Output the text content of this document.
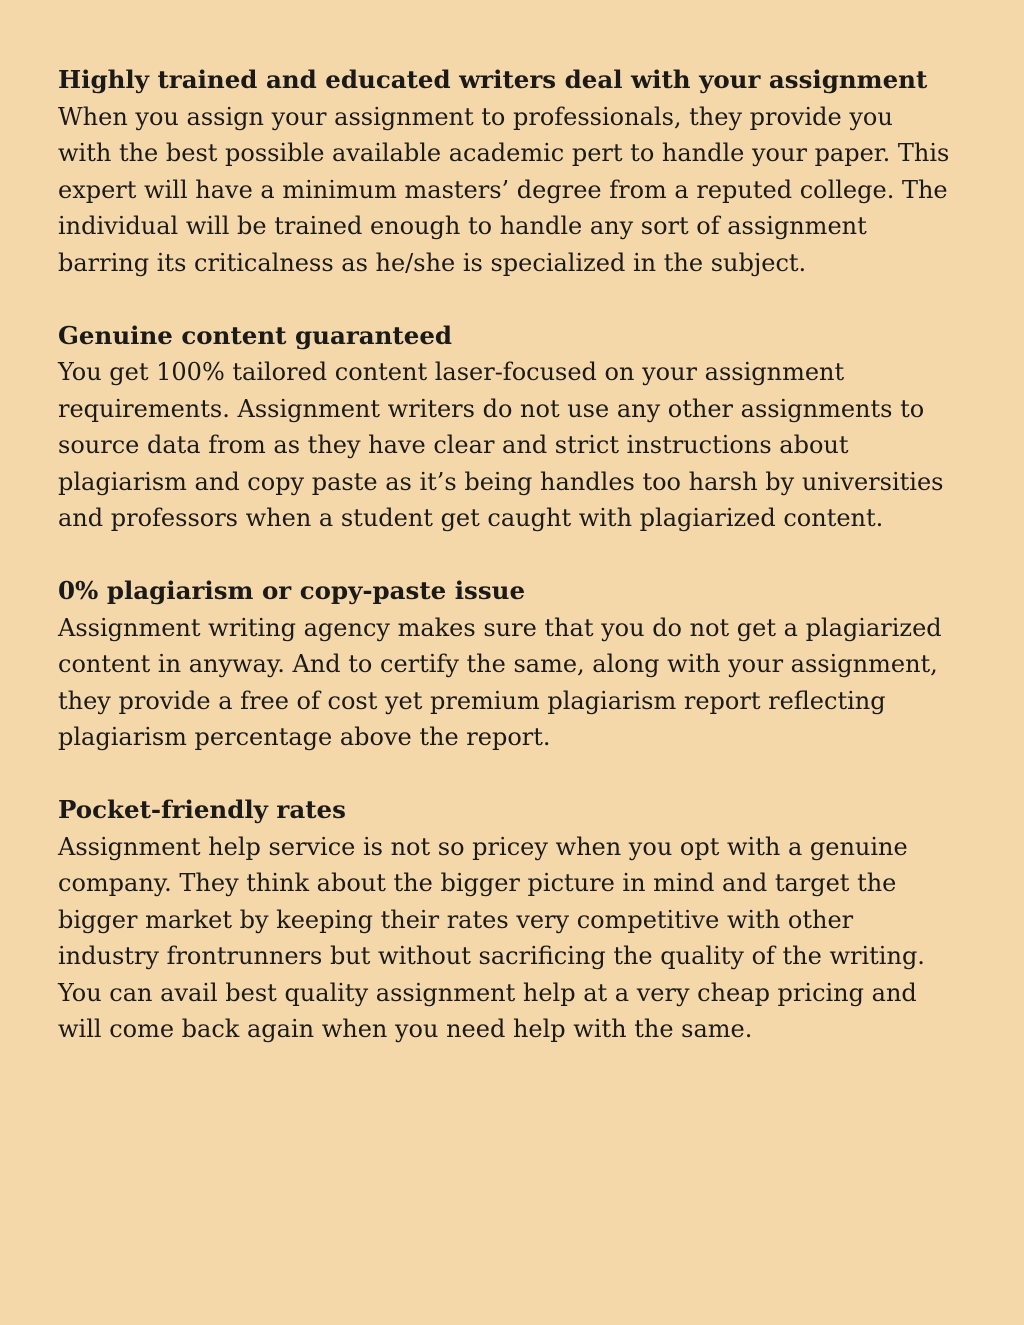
Highly trained and educated writers deal with your assignment

When you assign your assignment to professionals, they provide you
with the best possible available academic pert to handle your paper. This
expert will have a minimum masters’ degree from a reputed college. The
individual will be trained enough to handle any sort of assignment
barring its criticalness as he/she is specialized in the subject.

Genuine content guaranteed

You get 100% tailored content laser-focused on your assignment
requirements. Assignment writers do not use any other assignments to
source data from as they have clear and strict instructions about
plagiarism and copy paste as it’s being handles too harsh by universities
and professors when a student get caught with plagiarized content.

0% plagiarism or copy-paste issue

Assignment writing agency makes sure that you do not get a plagiarized
content in anyway. And to certify the same, along with your assignment,
they provide a free of cost yet premium plagiarism report reflecting
plagiarism percentage above the report.

Pocket-friendly rates

Assignment help service is not so pricey when you opt with a genuine
company. They think about the bigger picture in mind and target the
bigger market by keeping their rates very competitive with other
industry frontrunners but without sacrificing the quality of the writing.
You can avail best quality assignment help at a very cheap pricing and
will come back again when you need help with the same.
